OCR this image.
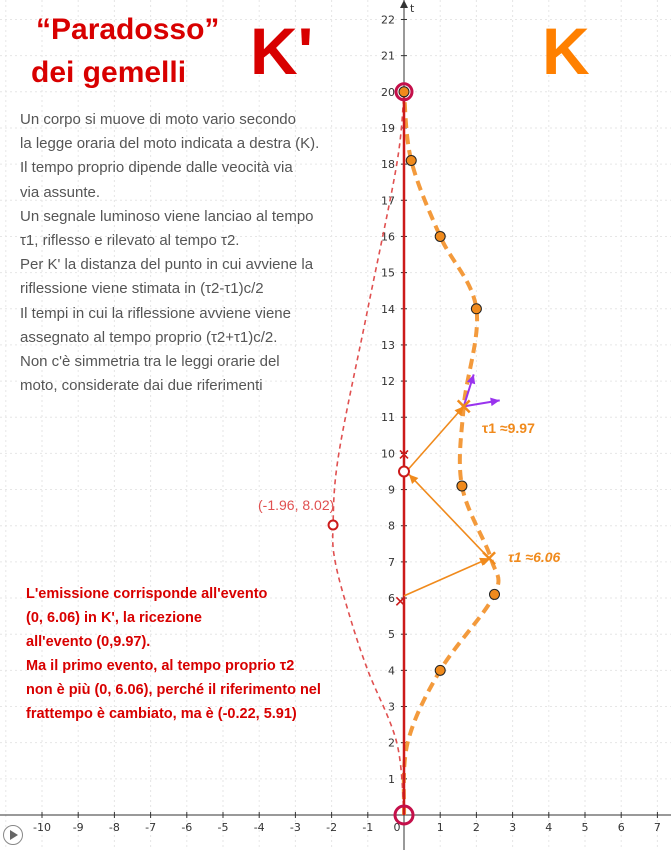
t
-10 -9 -8 -7 -6 -5 -4 -3 -2 -1	1	2	3	4	5	6	7
0
1
2
3
4
5
6
7
8
9
10
11
12
13
14
15
16
17
18
19
20
21
22
“Paradosso”
dei gemelli K'	K
Un corpo si muove di moto vario secondo
la legge oraria del moto indicata a destra (K).
Il tempo proprio dipende dalle veocità via
via assunte.
Un segnale luminoso viene lanciao al tempo
τ1, riflesso e rilevato al tempo τ2.
Per K' la distanza del punto in cui avviene la
riflessione viene stimata in (τ2-τ1)c/2
Il tempi in cui la riflessione avviene viene
assegnato al tempo proprio (τ2+τ1)c/2.
Non c'è simmetria tra le leggi orarie del
moto, considerate dai due riferimenti
L'emissione corrisponde all'evento
(0, 6.06) in K', la ricezione
all'evento (0,9.97).
Ma il primo evento, al tempo proprio τ2
non è più (0, 6.06), perché il riferimento nel
frattempo è cambiato, ma è (-0.22, 5.91)
τ1 ≈9.97
τ1 ≈6.06
(-1.96, 8.02)
